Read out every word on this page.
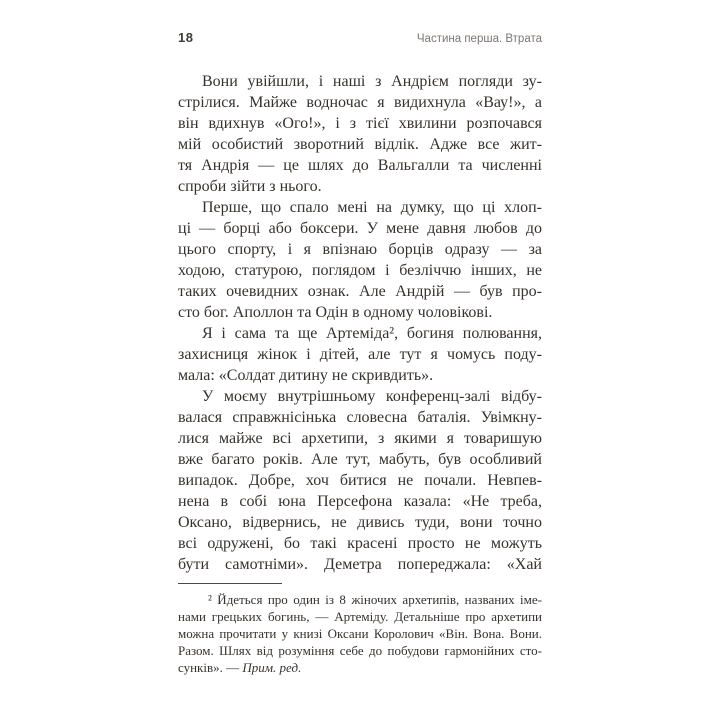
18	Частина перша. Втрата
Вони увійшли, і наші з Андрієм погляди зу-
стрілися. Майже водночас я видихнула «Вау!», а
він вдихнув «Ого!», і з тієї хвилини розпочався
мій особистий зворотний відлік. Адже все жит-
тя Андрія — це шлях до Вальгалли та численні
спроби зійти з нього.
Перше, що спало мені на думку, що ці хлоп-
ці — борці або боксери. У мене давня любов до
цього спорту, і я впізнаю борців одразу — за
ходою, статурою, поглядом і безліччю інших, не
таких очевидних ознак. Але Андрій — був про-
сто бог. Аполлон та Одін в одному чоловікові.
Я і сама та ще Артеміда², богиня полювання,
захисниця жінок і дітей, але тут я чомусь поду-
мала: «Солдат дитину не скривдить».
У моєму внутрішньому конференц-залі відбу-
валася справжнісінька словесна баталія. Увімкну-
лися майже всі архетипи, з якими я товаришую
вже багато років. Але тут, мабуть, був особливий
випадок. Добре, хоч битися не почали. Невпев-
нена в собі юна Персефона казала: «Не треба,
Оксано, відвернись, не дивись туди, вони точно
всі одружені, бо такі красені просто не можуть
бути самотніми». Деметра попереджала: «Хай
² Йдеться про один із 8 жіночих архетипів, названих іме-
нами грецьких богинь, — Артеміду. Детальніше про архетипи
можна прочитати у книзі Оксани Королович «Він. Вона. Вони.
Разом. Шлях від розуміння себе до побудови гармонійних сто-
сунків». — Прим. ред.
